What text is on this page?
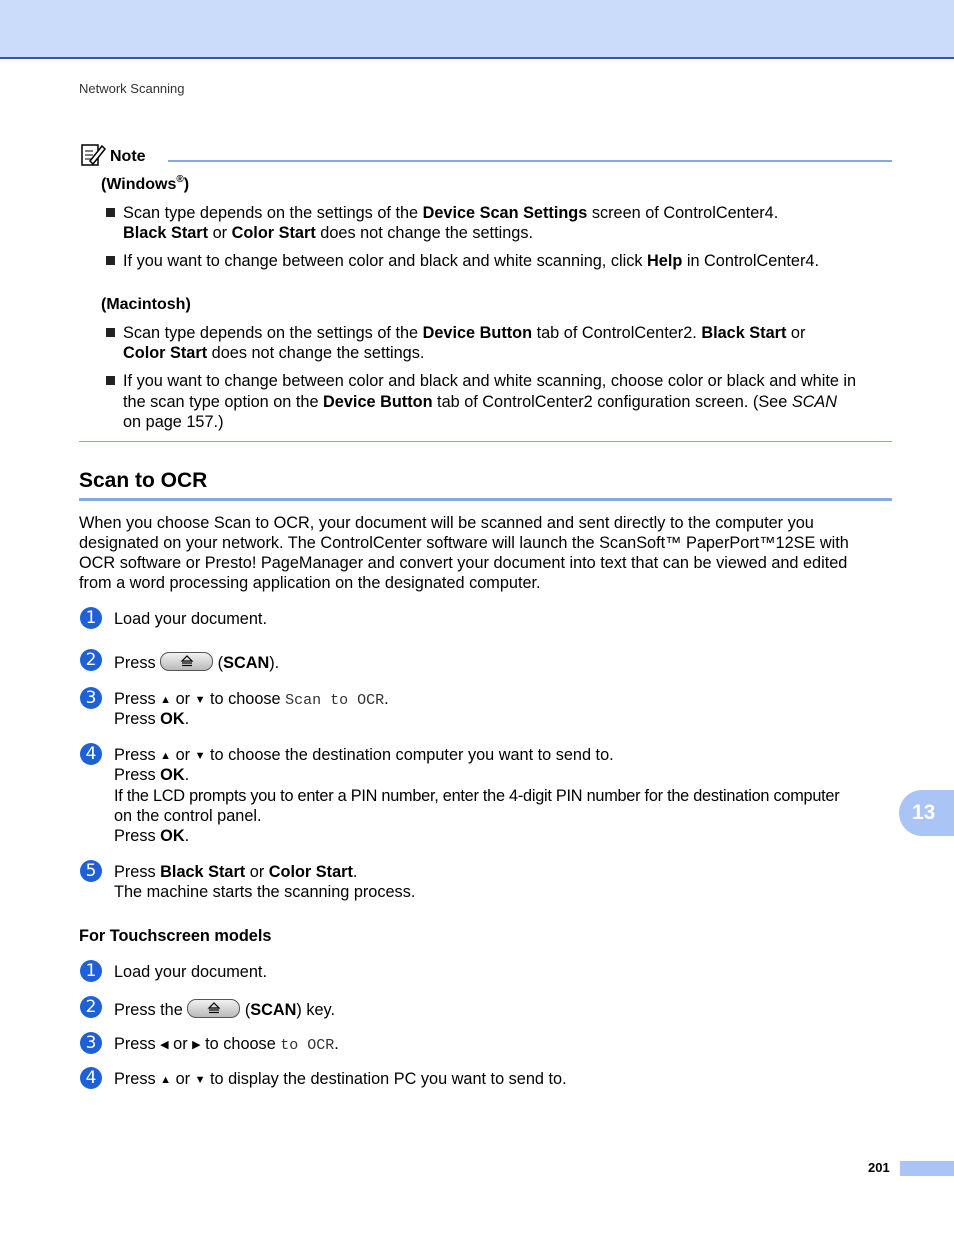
Network Scanning
Note
(Windows®)
Scan type depends on the settings of the Device Scan Settings screen of ControlCenter4.
Black Start or Color Start does not change the settings.
If you want to change between color and black and white scanning, click Help in ControlCenter4.
(Macintosh)
Scan type depends on the settings of the Device Button tab of ControlCenter2. Black Start or
Color Start does not change the settings.
If you want to change between color and black and white scanning, choose color or black and white in
the scan type option on the Device Button tab of ControlCenter2 configuration screen. (See SCAN
on page 157.)
Scan to OCR
When you choose Scan to OCR, your document will be scanned and sent directly to the computer you
designated on your network. The ControlCenter software will launch the ScanSoft™ PaperPort™12SE with
OCR software or Presto! PageManager and convert your document into text that can be viewed and edited
from a word processing application on the designated computer.
1	Load your document.
2	Press	(SCAN).
3	Press ▲ or ▼ to choose Scan to OCR.
Press OK.
4	Press ▲ or ▼ to choose the destination computer you want to send to.
Press OK.
If the LCD prompts you to enter a PIN number, enter the 4-digit PIN number for the destination computer
on the control panel.
Press OK.
5	Press Black Start or Color Start.
The machine starts the scanning process.
For Touchscreen models
1	Load your document.
2	Press the	(SCAN) key.
3	Press ◀ or ▶ to choose to OCR.
4	Press ▲ or ▼ to display the destination PC you want to send to.
13
201
